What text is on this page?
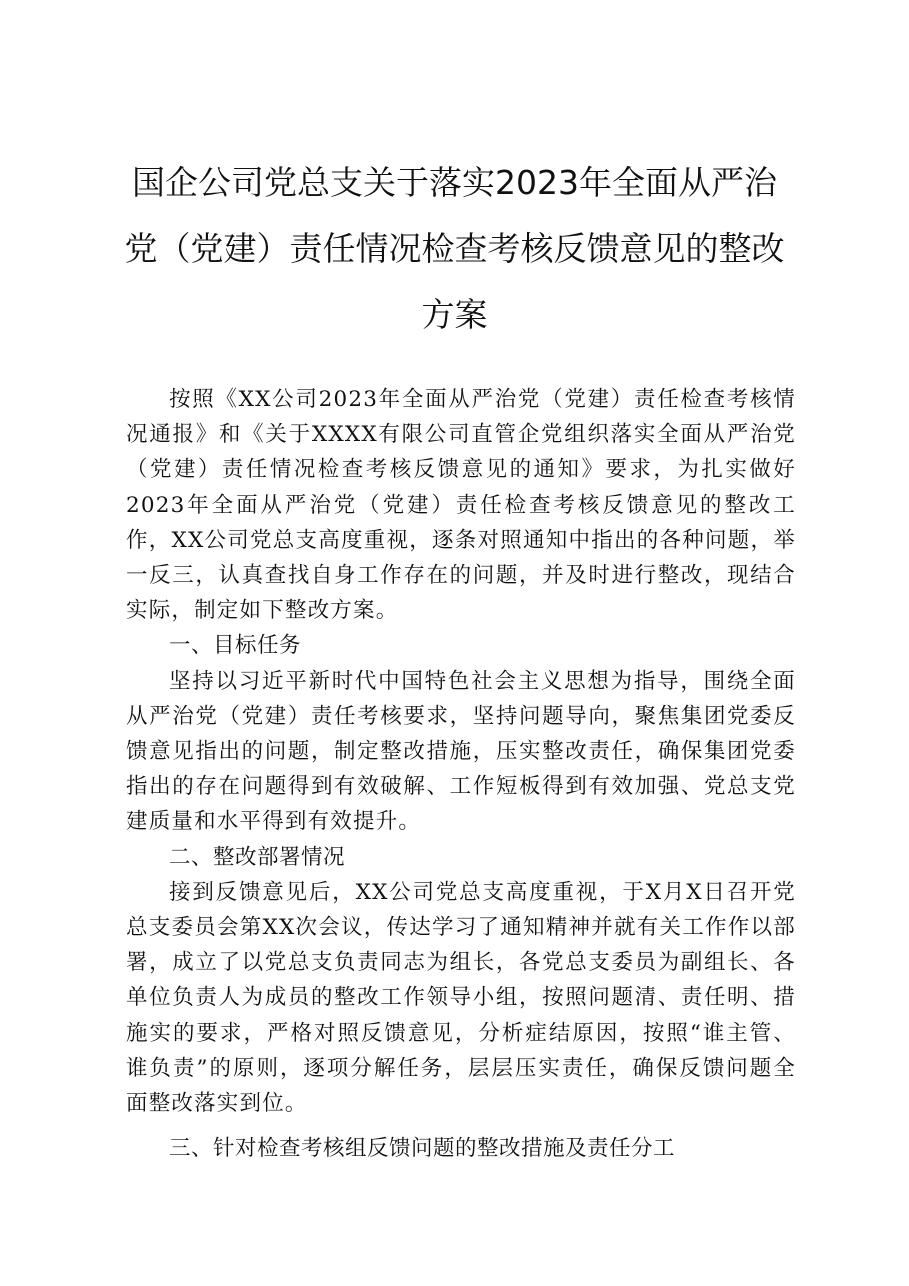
国企公司党总支关于落实2023年全面从严治
党（党建）责任情况检查考核反馈意见的整改
方案

按照《XX公司2023年全面从严治党（党建）责任检查考核情况通报》和《关于XXXX有限公司直管企党组织落实全面从严治党（党建）责任情况检查考核反馈意见的通知》要求，为扎实做好2023年全面从严治党（党建）责任检查考核反馈意见的整改工作，XX公司党总支高度重视，逐条对照通知中指出的各种问题，举一反三，认真查找自身工作存在的问题，并及时进行整改，现结合实际，制定如下整改方案。

一、目标任务

坚持以习近平新时代中国特色社会主义思想为指导，围绕全面从严治党（党建）责任考核要求，坚持问题导向，聚焦集团党委反馈意见指出的问题，制定整改措施，压实整改责任，确保集团党委指出的存在问题得到有效破解、工作短板得到有效加强、党总支党建质量和水平得到有效提升。

二、整改部署情况

接到反馈意见后，XX公司党总支高度重视，于X月X日召开党总支委员会第XX次会议，传达学习了通知精神并就有关工作作以部署，成立了以党总支负责同志为组长，各党总支委员为副组长、各单位负责人为成员的整改工作领导小组，按照问题清、责任明、措施实的要求，严格对照反馈意见，分析症结原因，按照“谁主管、谁负责”的原则，逐项分解任务，层层压实责任，确保反馈问题全面整改落实到位。

三、针对检查考核组反馈问题的整改措施及责任分工
